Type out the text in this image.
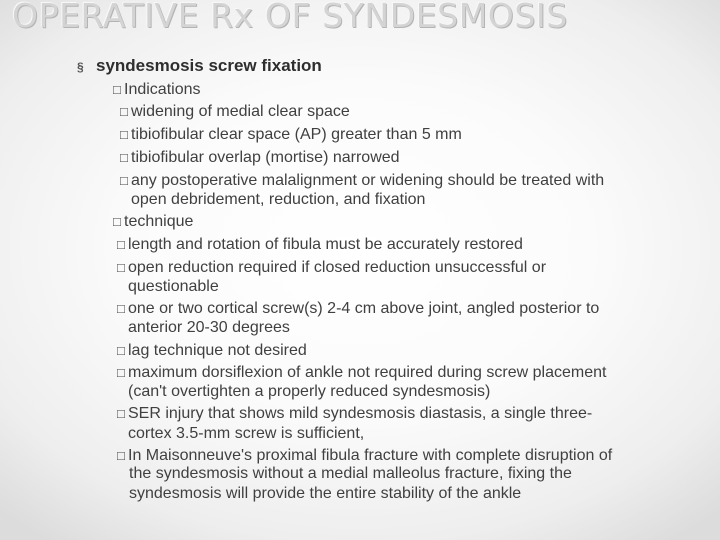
OPERATIVE Rx OF SYNDESMOSIS
§ syndesmosis screw fixation
□ Indications
□ widening of medial clear space
□ tibiofibular clear space (AP) greater than 5 mm
□ tibiofibular overlap (mortise) narrowed
□ any postoperative malalignment or widening should be treated with
open debridement, reduction, and fixation
□ technique
□ length and rotation of fibula must be accurately restored
□ open reduction required if closed reduction unsuccessful or
questionable
□ one or two cortical screw(s) 2-4 cm above joint, angled posterior to
anterior 20-30 degrees
□ lag technique not desired
□ maximum dorsiflexion of ankle not required during screw placement
(can't overtighten a properly reduced syndesmosis)
□ SER injury that shows mild syndesmosis diastasis, a single three-
cortex 3.5-mm screw is sufficient,
□In Maisonneuve's proximal fibula fracture with complete disruption of
the syndesmosis without a medial malleolus fracture, fixing the
syndesmosis will provide the entire stability of the ankle
